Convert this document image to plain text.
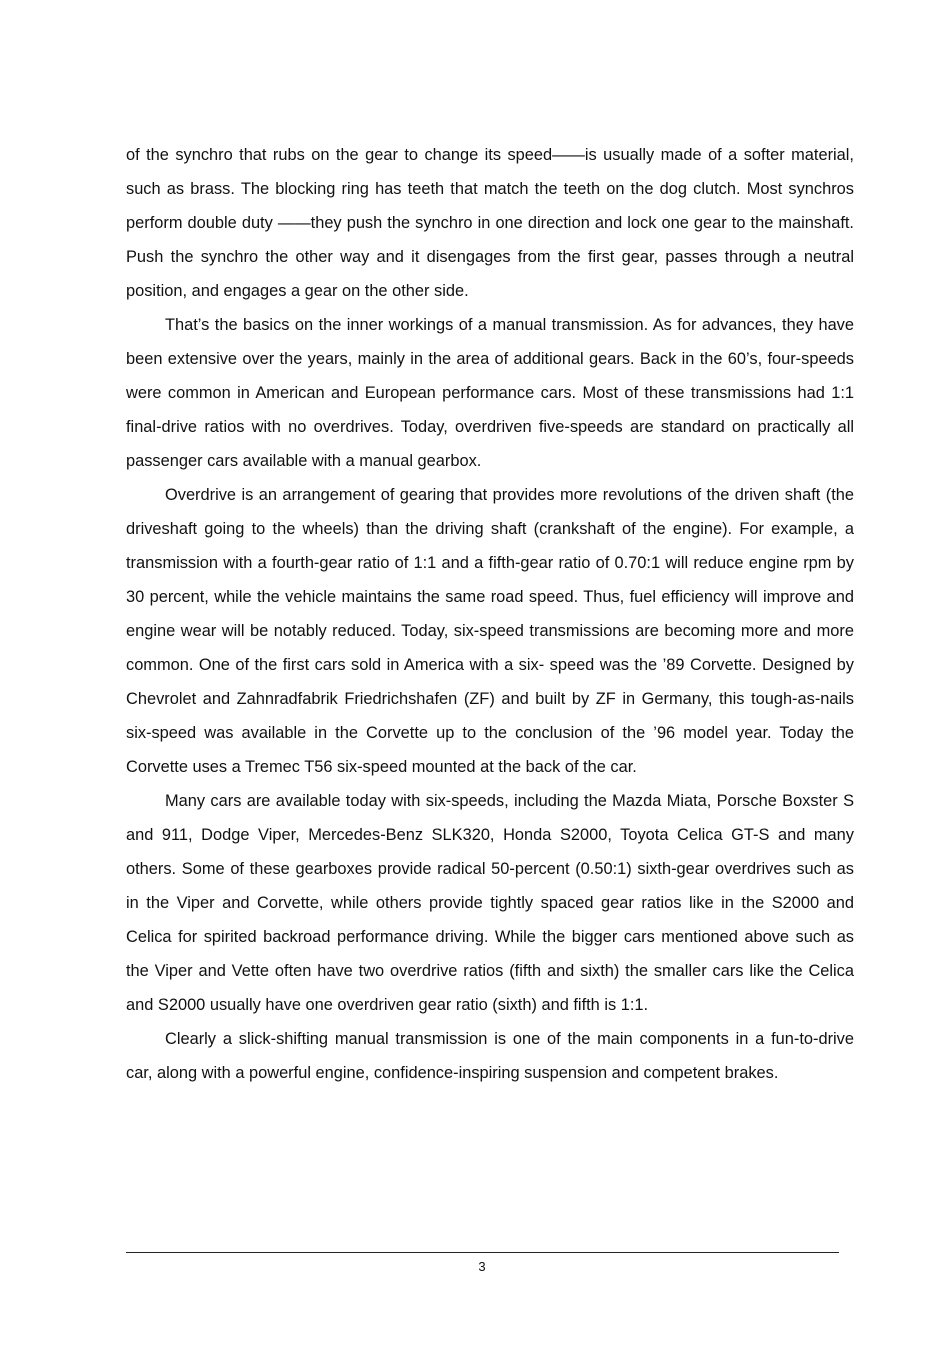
of the synchro that rubs on the gear to change its speed——is usually made of a softer material, such as brass. The blocking ring has teeth that match the teeth on the dog clutch. Most synchros perform double duty ——they push the synchro in one direction and lock one gear to the mainshaft. Push the synchro the other way and it disengages from the first gear, passes through a neutral position, and engages a gear on the other side.

That’s the basics on the inner workings of a manual transmission. As for advances, they have been extensive over the years, mainly in the area of additional gears. Back in the 60’s, four-speeds were common in American and European performance cars. Most of these transmissions had 1:1 final-drive ratios with no overdrives. Today, overdriven five-speeds are standard on practically all passenger cars available with a manual gearbox.

Overdrive is an arrangement of gearing that provides more revolutions of the driven shaft (the driveshaft going to the wheels) than the driving shaft (crankshaft of the engine). For example, a transmission with a fourth-gear ratio of 1:1 and a fifth-gear ratio of 0.70:1 will reduce engine rpm by 30 percent, while the vehicle maintains the same road speed. Thus, fuel efficiency will improve and engine wear will be notably reduced. Today, six-speed transmissions are becoming more and more common. One of the first cars sold in America with a six- speed was the ’89 Corvette. Designed by Chevrolet and Zahnradfabrik Friedrichshafen (ZF) and built by ZF in Germany, this tough-as-nails six-speed was available in the Corvette up to the conclusion of the ’96 model year. Today the Corvette uses a Tremec T56 six-speed mounted at the back of the car.

Many cars are available today with six-speeds, including the Mazda Miata, Porsche Boxster S and 911, Dodge Viper, Mercedes-Benz SLK320, Honda S2000, Toyota Celica GT-S and many others. Some of these gearboxes provide radical 50-percent (0.50:1) sixth-gear overdrives such as in the Viper and Corvette, while others provide tightly spaced gear ratios like in the S2000 and Celica for spirited backroad performance driving. While the bigger cars mentioned above such as the Viper and Vette often have two overdrive ratios (fifth and sixth) the smaller cars like the Celica and S2000 usually have one overdriven gear ratio (sixth) and fifth is 1:1.

Clearly a slick-shifting manual transmission is one of the main components in a fun-to-drive car, along with a powerful engine, confidence-inspiring suspension and competent brakes.

3
